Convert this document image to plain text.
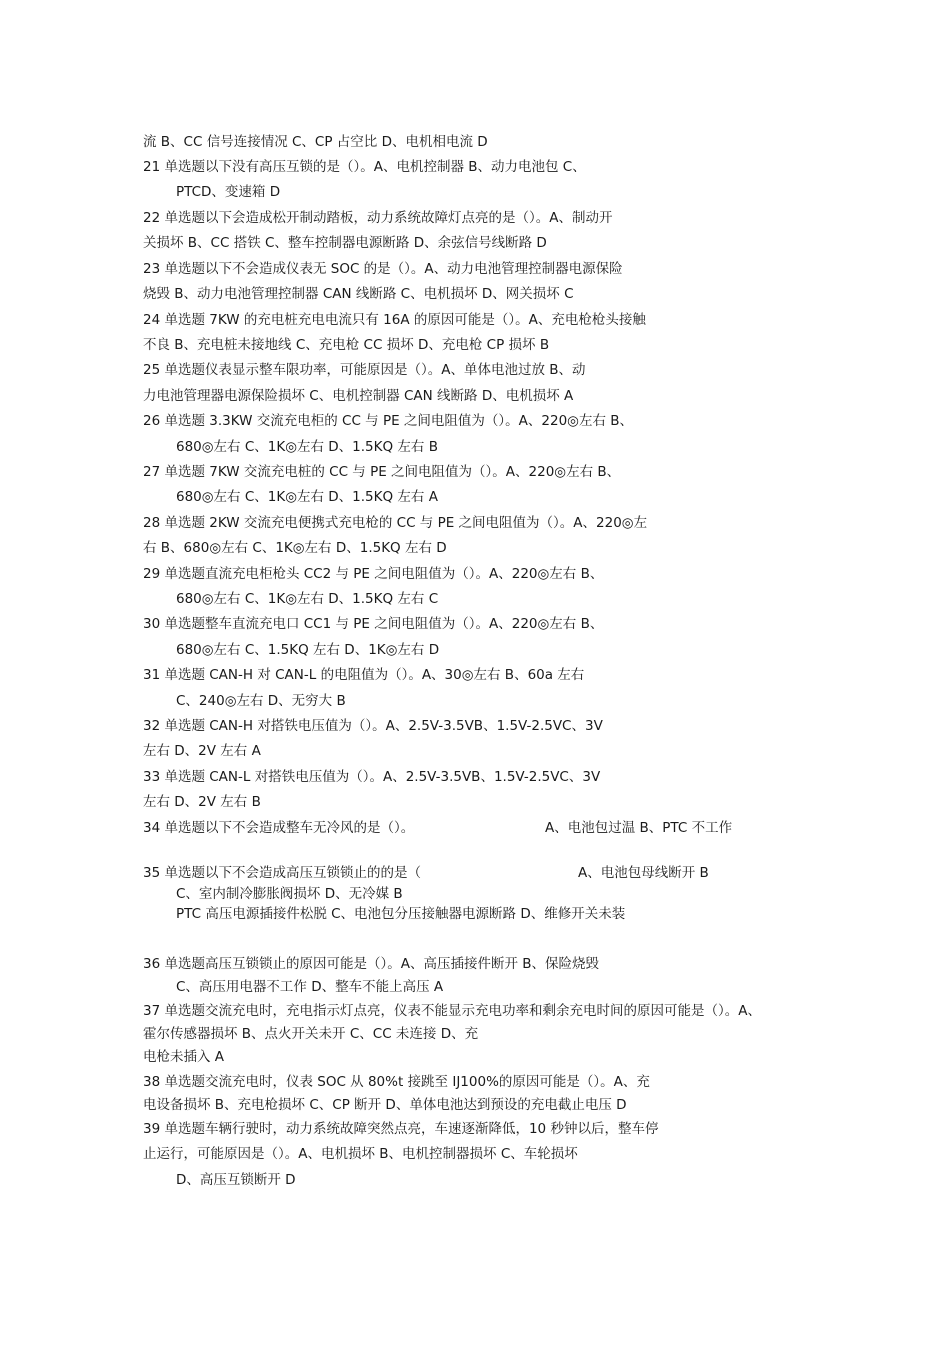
流 B、CC 信号连接情况 C、CP 占空比 D、电机相电流 D
21 单选题以下没有高压互锁的是（）。A、电机控制器 B、动力电池包 C、
PTCD、变速箱 D
22 单选题以下会造成松开制动踏板，动力系统故障灯点亮的是（）。A、制动开
关损坏 B、CC 搭铁 C、整车控制器电源断路 D、余弦信号线断路 D
23 单选题以下不会造成仪表无 SOC 的是（）。A、动力电池管理控制器电源保险
烧毁 B、动力电池管理控制器 CAN 线断路 C、电机损坏 D、网关损坏 C
24 单选题 7KW 的充电桩充电电流只有 16A 的原因可能是（）。A、充电枪枪头接触
不良 B、充电桩未接地线 C、充电枪 CC 损坏 D、充电枪 CP 损坏 B
25 单选题仪表显示整车限功率，可能原因是（）。A、单体电池过放 B、动
力电池管理器电源保险损坏 C、电机控制器 CAN 线断路 D、电机损坏 A
26 单选题 3.3KW 交流充电柜的 CC 与 PE 之间电阻值为（）。A、220◎左右 B、
680◎左右 C、1K◎左右 D、1.5KQ 左右 B
27 单选题 7KW 交流充电桩的 CC 与 PE 之间电阻值为（）。A、220◎左右 B、
680◎左右 C、1K◎左右 D、1.5KQ 左右 A
28 单选题 2KW 交流充电便携式充电枪的 CC 与 PE 之间电阻值为（）。A、220◎左
右 B、680◎左右 C、1K◎左右 D、1.5KQ 左右 D
29 单选题直流充电柜枪头 CC2 与 PE 之间电阻值为（）。A、220◎左右 B、
680◎左右 C、1K◎左右 D、1.5KQ 左右 C
30 单选题整车直流充电口 CC1 与 PE 之间电阻值为（）。A、220◎左右 B、
680◎左右 C、1.5KQ 左右 D、1K◎左右 D
31 单选题 CAN-H 对 CAN-L 的电阻值为（）。A、30◎左右 B、60a 左右
C、240◎左右 D、无穷大 B
32 单选题 CAN-H 对搭铁电压值为（）。A、2.5V-3.5VB、1.5V-2.5VC、3V
左右 D、2V 左右 A
33 单选题 CAN-L 对搭铁电压值为（）。A、2.5V-3.5VB、1.5V-2.5VC、3V
左右 D、2V 左右 B
34 单选题以下不会造成整车无冷风的是（）。	A、电池包过温 B、PTC 不工作
35 单选题以下不会造成高压互锁锁止的的是（	A、电池包母线断开 B
C、室内制冷膨胀阀损坏 D、无冷媒 B
PTC 高压电源插接件松脱 C、电池包分压接触器电源断路 D、维修开关未装
36 单选题高压互锁锁止的原因可能是（）。A、高压插接件断开 B、保险烧毁
C、高压用电器不工作 D、整车不能上高压 A
37 单选题交流充电时，充电指示灯点亮，仪表不能显示充电功率和剩余充电时间的原因可能是（）。A、
霍尔传感器损坏 B、点火开关未开 C、CC 未连接 D、充
电枪未插入 A
38 单选题交流充电时，仪表 SOC 从 80%t 接跳至 IJ100%的原因可能是（）。A、充
电设备损坏 B、充电枪损坏 C、CP 断开 D、单体电池达到预设的充电截止电压 D
39 单选题车辆行驶时，动力系统故障突然点亮，车速逐渐降低，10 秒钟以后，整车停
止运行，可能原因是（）。A、电机损坏 B、电机控制器损坏 C、车轮损坏
D、高压互锁断开 D
